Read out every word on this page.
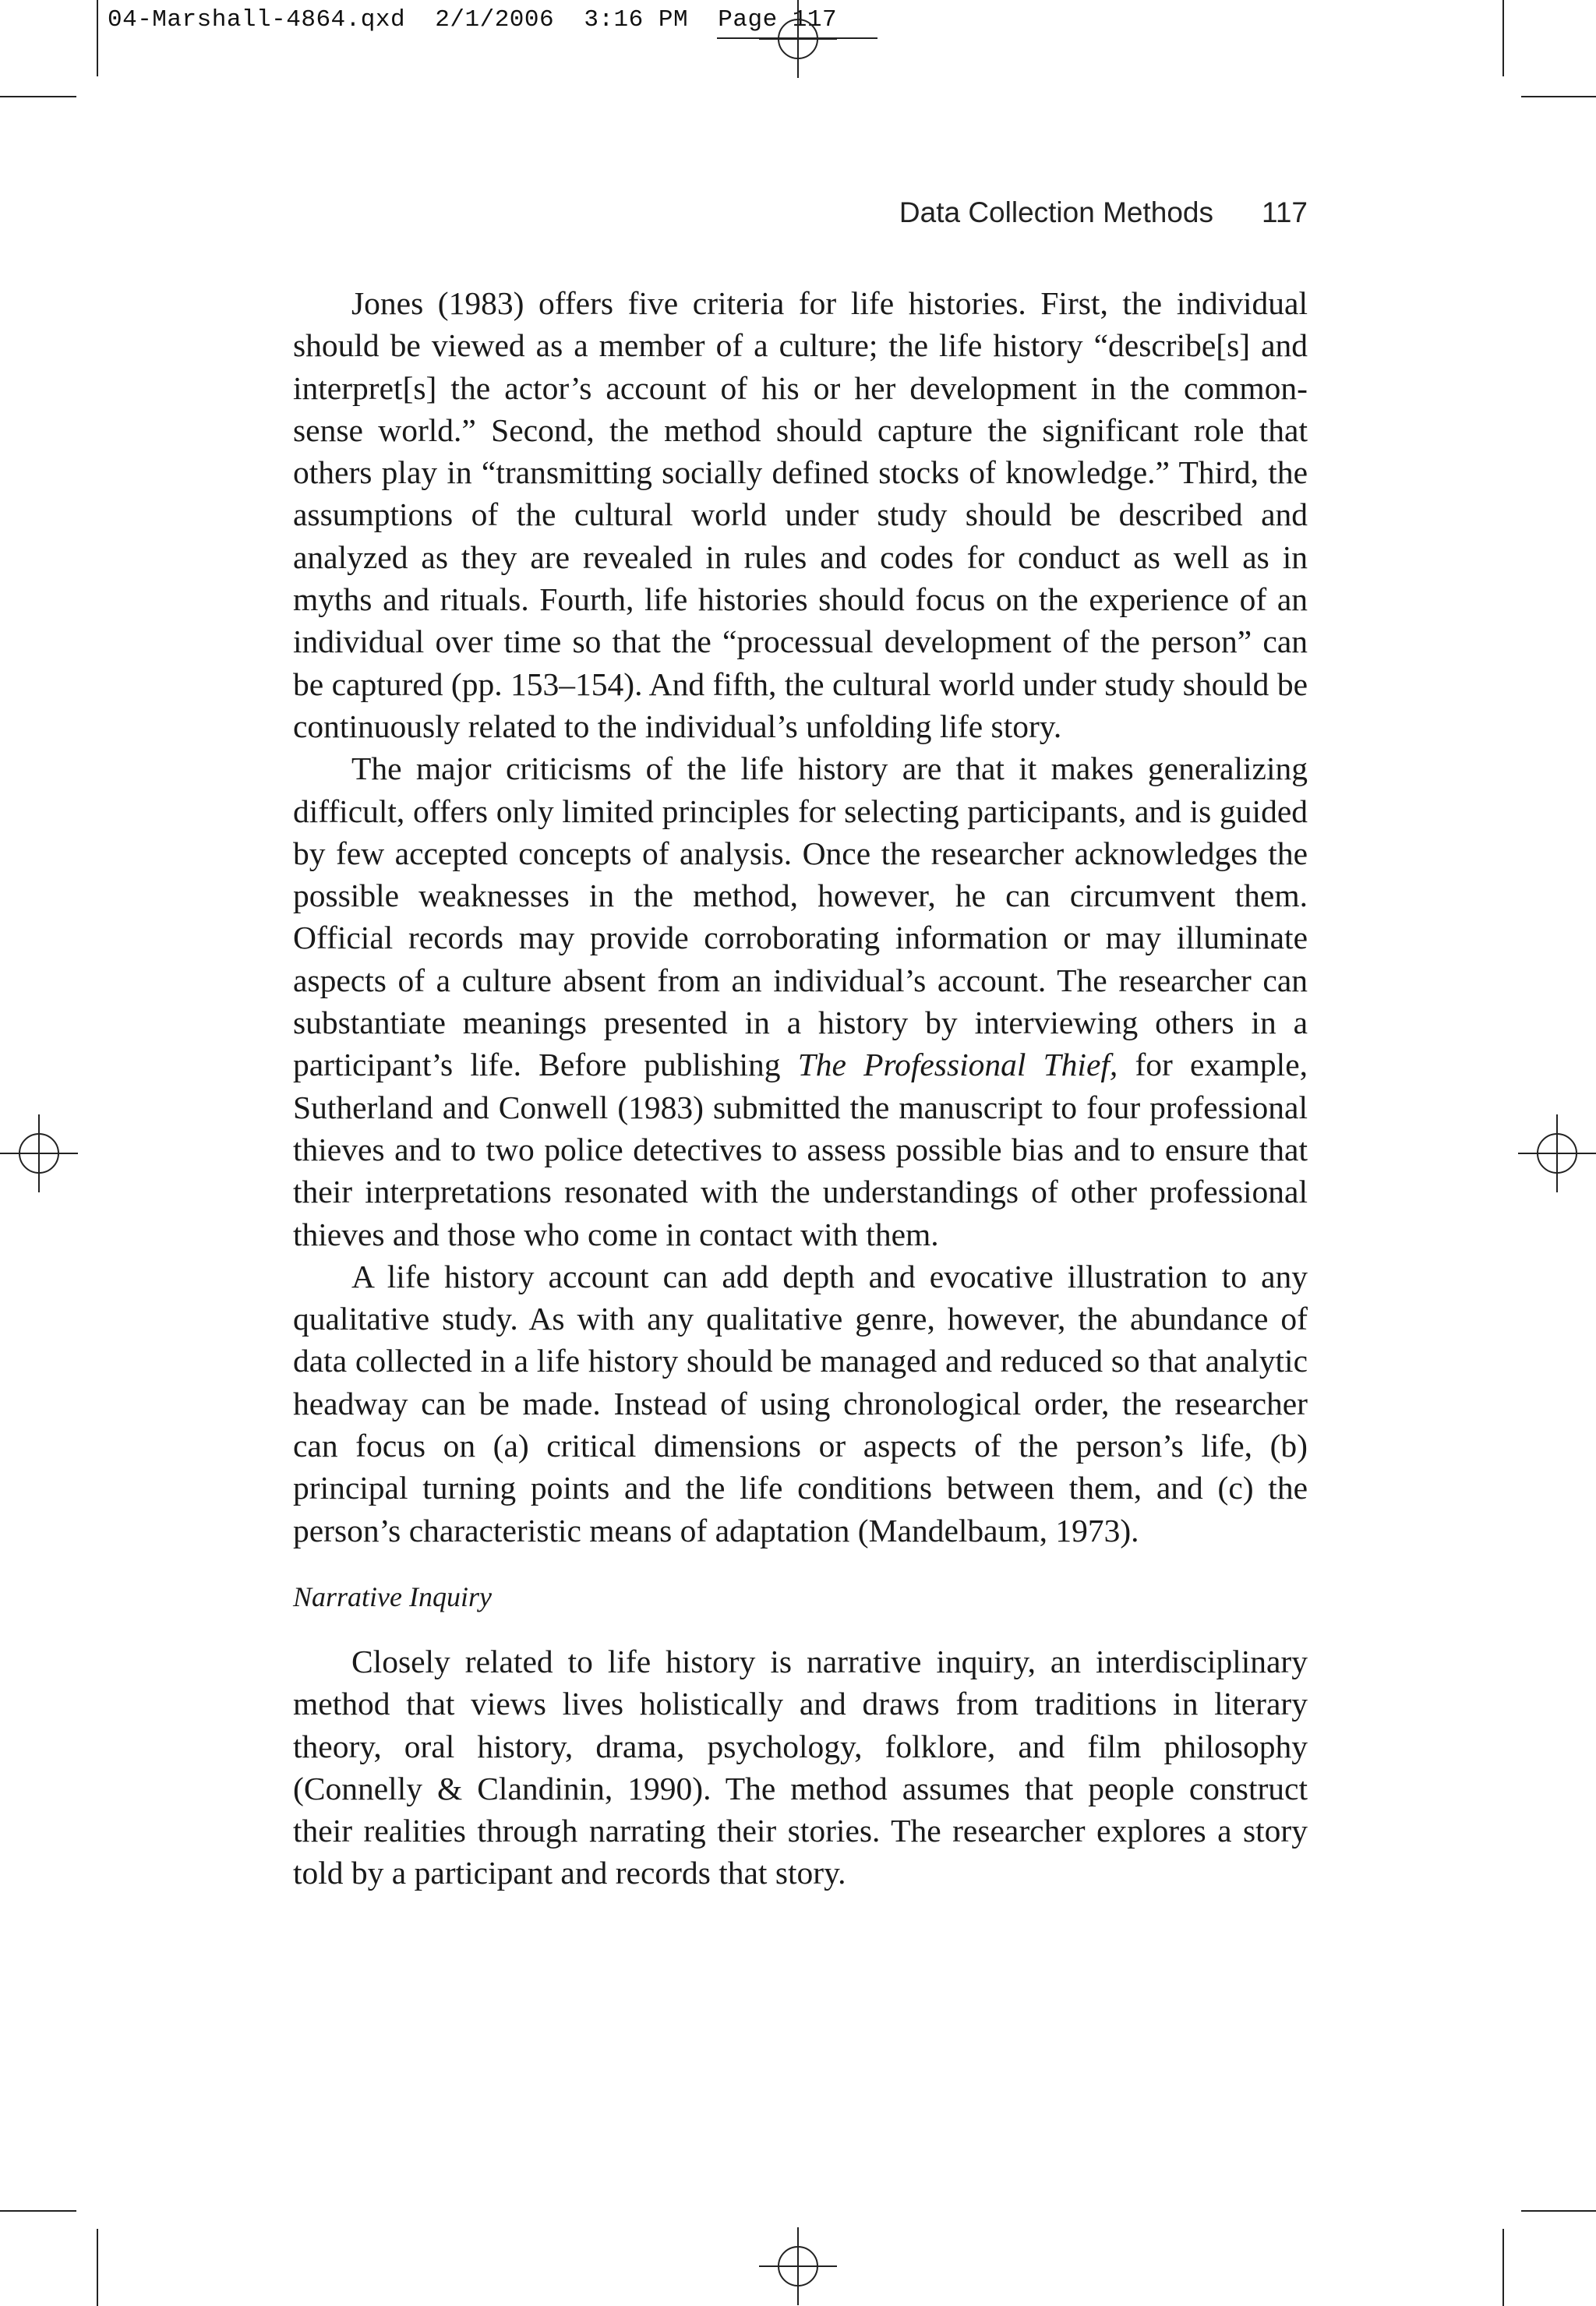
04-Marshall-4864.qxd 2/1/2006 3:16 PM Page 117
Data Collection Methods 117

Jones (1983) offers five criteria for life histories. First, the individual should be viewed as a member of a culture; the life history “describe[s] and interpret[s] the actor’s account of his or her development in the common-sense world.” Second, the method should capture the significant role that others play in “transmitting socially defined stocks of knowledge.” Third, the assumptions of the cultural world under study should be described and analyzed as they are revealed in rules and codes for conduct as well as in myths and rituals. Fourth, life histories should focus on the experience of an individual over time so that the “processual development of the person” can be captured (pp. 153–154). And fifth, the cultural world under study should be continuously related to the individual’s unfolding life story.

The major criticisms of the life history are that it makes generalizing difficult, offers only limited principles for selecting participants, and is guided by few accepted concepts of analysis. Once the researcher acknowledges the possible weaknesses in the method, however, he can circumvent them. Official records may provide corroborating information or may illuminate aspects of a culture absent from an individual’s account. The researcher can substantiate meanings presented in a history by interviewing others in a participant’s life. Before publishing The Professional Thief, for example, Sutherland and Conwell (1983) submitted the manuscript to four professional thieves and to two police detectives to assess possible bias and to ensure that their interpretations resonated with the understandings of other professional thieves and those who come in contact with them.

A life history account can add depth and evocative illustration to any qualitative study. As with any qualitative genre, however, the abundance of data collected in a life history should be managed and reduced so that analytic headway can be made. Instead of using chronological order, the researcher can focus on (a) critical dimensions or aspects of the person’s life, (b) principal turning points and the life conditions between them, and (c) the person’s characteristic means of adaptation (Mandelbaum, 1973).

Narrative Inquiry

Closely related to life history is narrative inquiry, an interdisciplinary method that views lives holistically and draws from traditions in literary theory, oral history, drama, psychology, folklore, and film philosophy (Connelly & Clandinin, 1990). The method assumes that people construct their realities through narrating their stories. The researcher explores a story told by a participant and records that story.
